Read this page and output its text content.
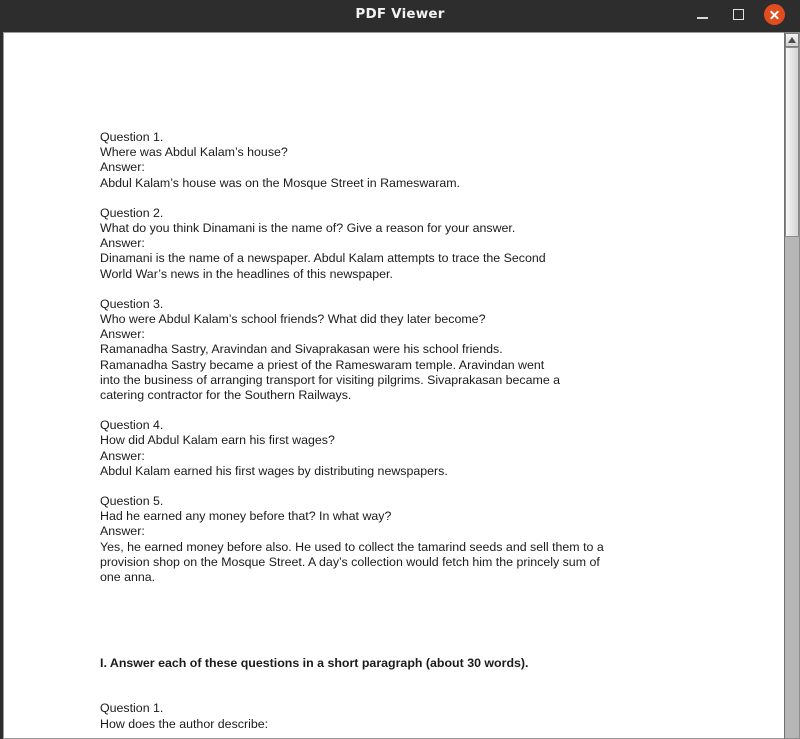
PDF Viewer
Question 1.
Where was Abdul Kalam’s house?
Answer:
Abdul Kalam’s house was on the Mosque Street in Rameswaram.
Question 2.
What do you think Dinamani is the name of? Give a reason for your answer.
Answer:
Dinamani is the name of a newspaper. Abdul Kalam attempts to trace the Second
World War’s news in the headlines of this newspaper.
Question 3.
Who were Abdul Kalam’s school friends? What did they later become?
Answer:
Ramanadha Sastry, Aravindan and Sivaprakasan were his school friends.
Ramanadha Sastry became a priest of the Rameswaram temple. Aravindan went
into the business of arranging transport for visiting pilgrims. Sivaprakasan became a
catering contractor for the Southern Railways.
Question 4.
How did Abdul Kalam earn his first wages?
Answer:
Abdul Kalam earned his first wages by distributing newspapers.
Question 5.
Had he earned any money before that? In what way?
Answer:
Yes, he earned money before also. He used to collect the tamarind seeds and sell them to a
provision shop on the Mosque Street. A day’s collection would fetch him the princely sum of
one anna.
I. Answer each of these questions in a short paragraph (about 30 words).
Question 1.
How does the author describe:
